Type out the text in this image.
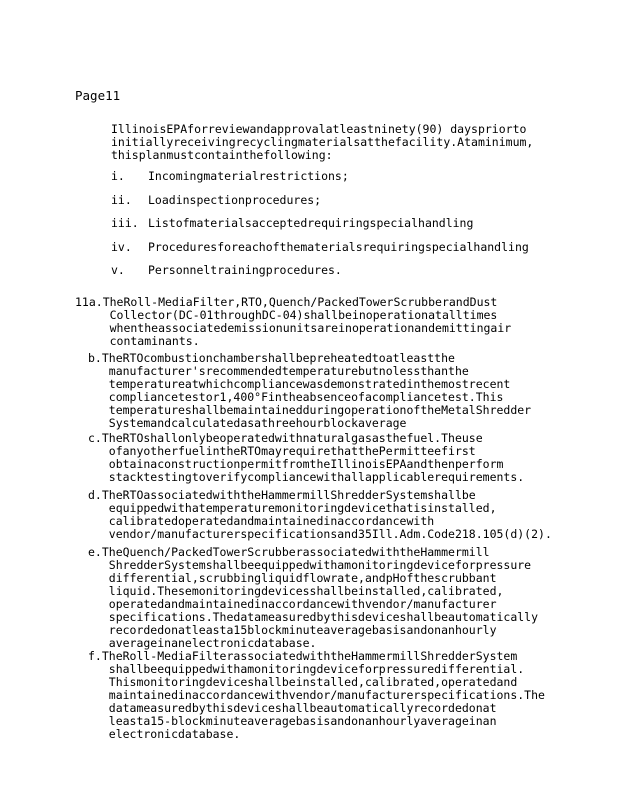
Page11
IllinoisEPAforreviewandapprovalatleastninety(90) dayspriorto
initiallyreceivingrecyclingmaterialsatthefacility.Ataminimum,
thisplanmustcontainthefollowing:
i. Incomingmaterialrestrictions;
ii. Loadinspectionprocedures;
iii. Listofmaterialsacceptedrequiringspecialhandling
iv. Proceduresforeachofthematerialsrequiringspecialhandling
v. Personneltrainingprocedures.
11a.TheRoll-MediaFilter,RTO,Quench/PackedTowerScrubberandDust
Collector(DC-01throughDC-04)shallbeinoperationatalltimes
whentheassociatedemissionunitsareinoperationandemittingair
contaminants.
b.TheRTOcombustionchambershallbepreheatedtoatleastthe
manufacturer'srecommendedtemperaturebutnolessthanthe
temperatureatwhichcompliancewasdemonstratedinthemostrecent
compliancetestor1,400°Fintheabsenceofacompliancetest.This
temperatureshallbemaintainedduringoperationoftheMetalShredder
Systemandcalculatedasathreehourblockaverage
c.TheRTOshallonlybeoperatedwithnaturalgasasthefuel.Theuse
ofanyotherfuelintheRTOmayrequirethatthePermitteefirst
obtainaconstructionpermitfromtheIllinoisEPAandthenperform
stacktestingtoverifycompliancewithallapplicablerequirements.
d.TheRTOassociatedwiththeHammermillShredderSystemshallbe
equippedwithatemperaturemonitoringdevicethatisinstalled,
calibratedoperatedandmaintainedinaccordancewith
vendor/manufacturerspecificationsand35Ill.Adm.Code218.105(d)(2).
e.TheQuench/PackedTowerScrubberassociatedwiththeHammermill
ShredderSystemshallbeequippedwithamonitoringdeviceforpressure
differential,scrubbingliquidflowrate,andpHofthescrubbant
liquid.Thesemonitoringdevicesshallbeinstalled,calibrated,
operatedandmaintainedinaccordancewithvendor/manufacturer
specifications.Thedatameasuredbythisdeviceshallbeautomatically
recordedonatleasta15blockminuteaveragebasisandonanhourly
averageinanelectronicdatabase.
f.TheRoll-MediaFilterassociatedwiththeHammermillShredderSystem
shallbeequippedwithamonitoringdeviceforpressuredifferential.
Thismonitoringdeviceshallbeinstalled,calibrated,operatedand
maintainedinaccordancewithvendor/manufacturerspecifications.The
datameasuredbythisdeviceshallbeautomaticallyrecordedonat
leasta15-blockminuteaveragebasisandonanhourlyaverageinan
electronicdatabase.
